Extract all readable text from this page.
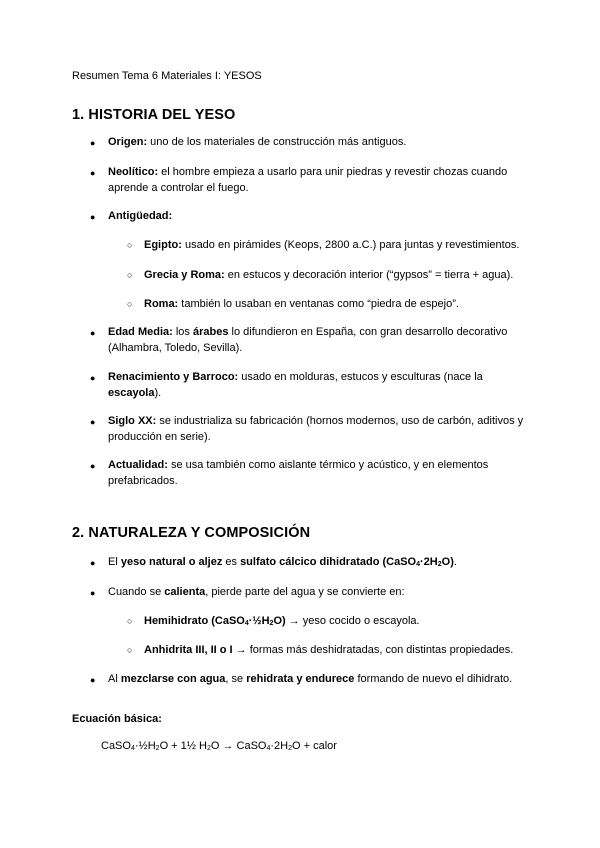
Resumen Tema 6 Materiales I: YESOS
1. HISTORIA DEL YESO
● Origen: uno de los materiales de construcción más antiguos.
● Neolítico: el hombre empieza a usarlo para unir piedras y revestir chozas cuando aprende a controlar el fuego.
● Antigüedad:
○ Egipto: usado en pirámides (Keops, 2800 a.C.) para juntas y revestimientos.
○ Grecia y Roma: en estucos y decoración interior (“gypsos” = tierra + agua).
○ Roma: también lo usaban en ventanas como “piedra de espejo”.
● Edad Media: los árabes lo difundieron en España, con gran desarrollo decorativo (Alhambra, Toledo, Sevilla).
● Renacimiento y Barroco: usado en molduras, estucos y esculturas (nace la escayola).
● Siglo XX: se industrializa su fabricación (hornos modernos, uso de carbón, aditivos y producción en serie).
● Actualidad: se usa también como aislante térmico y acústico, y en elementos prefabricados.
2. NATURALEZA Y COMPOSICIÓN
● El yeso natural o aljez es sulfato cálcico dihidratado (CaSO4·2H2O).
● Cuando se calienta, pierde parte del agua y se convierte en:
○ Hemihidrato (CaSO4·½H2O) → yeso cocido o escayola.
○ Anhidrita III, II o I → formas más deshidratadas, con distintas propiedades.
● Al mezclarse con agua, se rehidrata y endurece formando de nuevo el dihidrato.
Ecuación básica:
CaSO4·½H2O + 1½ H2O → CaSO4·2H2O + calor
